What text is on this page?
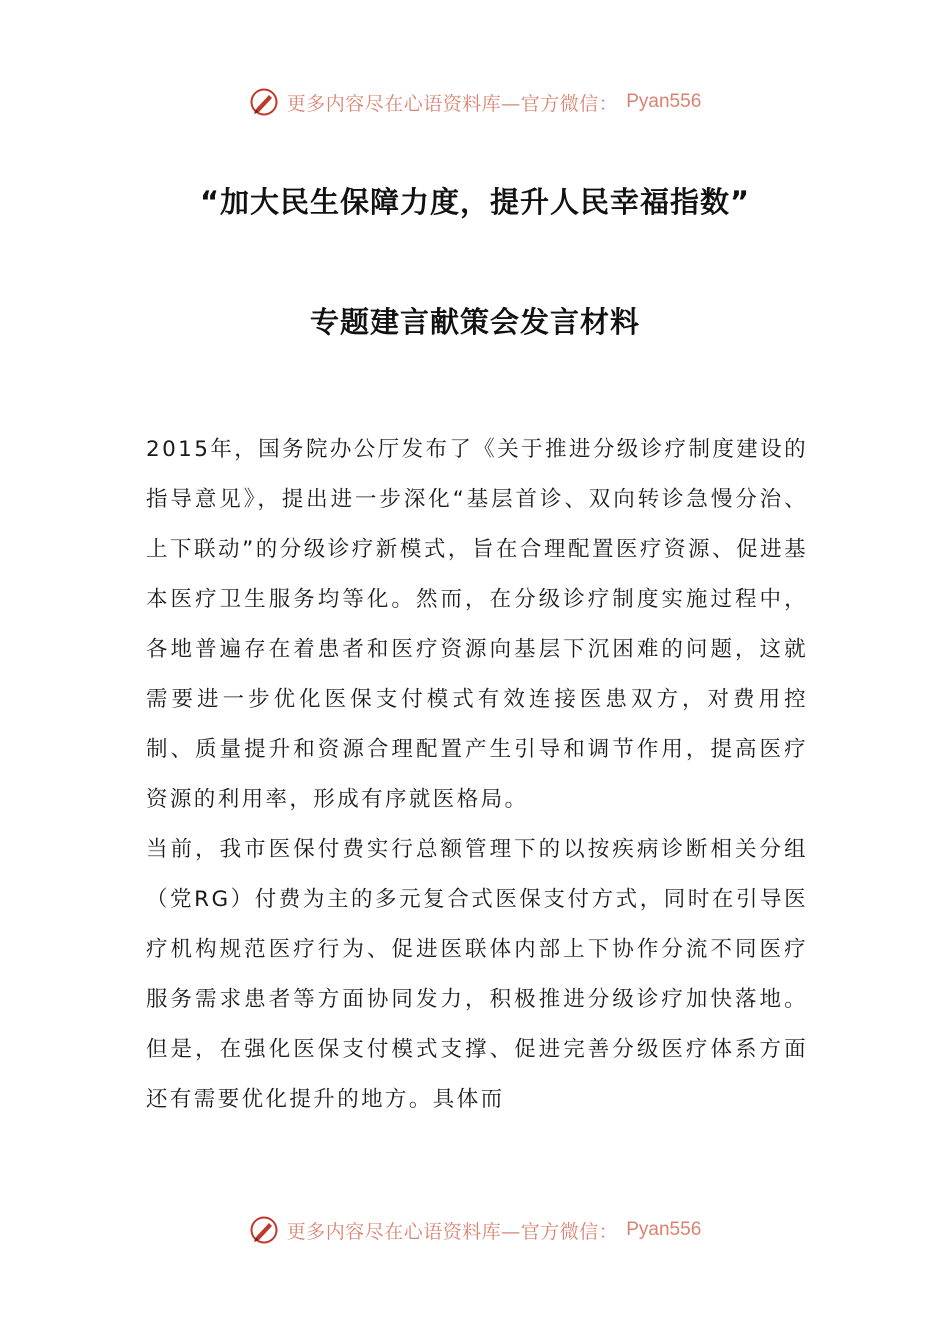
更多内容尽在心语资料库—官方微信： Pyan556
“加大民生保障力度，提升人民幸福指数”
专题建言献策会发言材料

2015年，国务院办公厅发布了《关于推进分级诊疗制度建设的指导意见》，提出进一步深化“基层首诊、双向转诊急慢分治、上下联动”的分级诊疗新模式，旨在合理配置医疗资源、促进基本医疗卫生服务均等化。然而，在分级诊疗制度实施过程中，各地普遍存在着患者和医疗资源向基层下沉困难的问题，这就需要进一步优化医保支付模式有效连接医患双方，对费用控制、质量提升和资源合理配置产生引导和调节作用，提高医疗资源的利用率，形成有序就医格局。

当前，我市医保付费实行总额管理下的以按疾病诊断相关分组（党RG）付费为主的多元复合式医保支付方式，同时在引导医疗机构规范医疗行为、促进医联体内部上下协作分流不同医疗服务需求患者等方面协同发力，积极推进分级诊疗加快落地。但是，在强化医保支付模式支撑、促进完善分级医疗体系方面还有需要优化提升的地方。具体而

更多内容尽在心语资料库—官方微信： Pyan556
